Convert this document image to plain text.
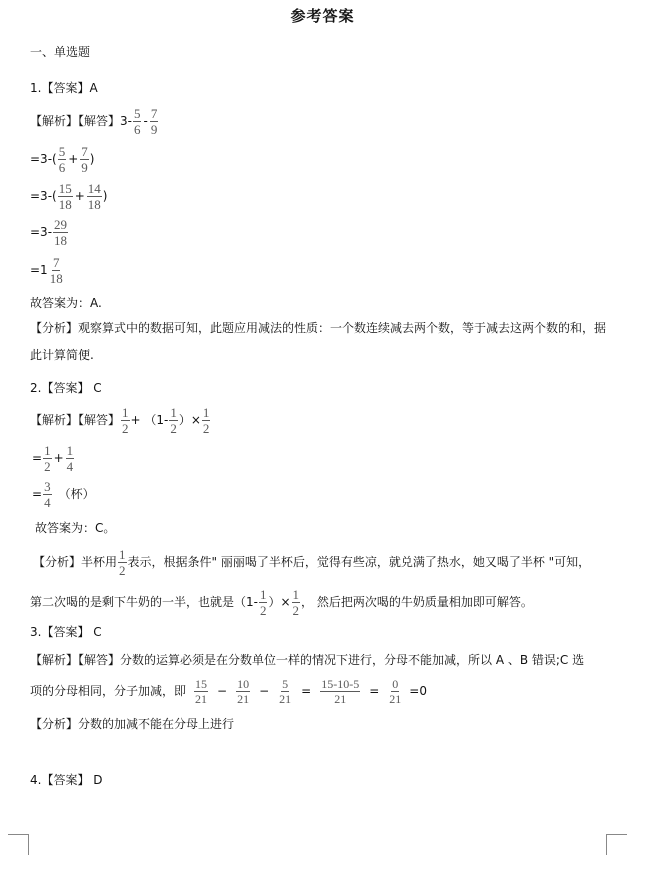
参考答案
一、单选题
1.【答案】A
【解析】【解答】 $3- \frac{5}{6} - \frac{7}{9}$
$=3-( \frac{5}{6} + \frac{7}{9}$ )
$=3-( \frac{15}{18} + \frac{14}{18}$ )
$=3- \frac{29}{18}$
$=1 \frac{7}{18}$
故答案为：A.
【分析】观察算式中的数据可知，此题应用减法的性质：一个数连续减去两个数，等于减去这两个数的和，据此计算简便.
2.【答案】 C
【解析】【解答】 $\frac{1}{2} + (1- \frac{1}{2}$ ）× $\frac{1}{2}$
= $\frac{1}{2} + \frac{1}{4}$
= $\frac{3}{4}$ （杯）
故答案为：C。
【分析】半杯用 $\frac{1}{2}$ 表示，根据条件" 丽丽喝了半杯后，觉得有些凉，就兑满了热水，她又喝了半杯 "可知，
第二次喝的是剩下牛奶的一半，也就是（$1- \frac{1}{2}$ ）× $\frac{1}{2}$ ， 然后把两次喝的牛奶质量相加即可解答。
3.【答案】 C
【解析】【解答】分数的运算必须是在分数单位一样的情况下进行，分母不能加减，所以 A 、B 错误;C 选
项的分母相同，分子加减，即 $\frac{15}{21} - \frac{10}{21} - \frac{5}{21} = \frac{15-10-5}{21} = \frac{0}{21} =0$
【分析】分数的加减不能在分母上进行
4.【答案】 D
